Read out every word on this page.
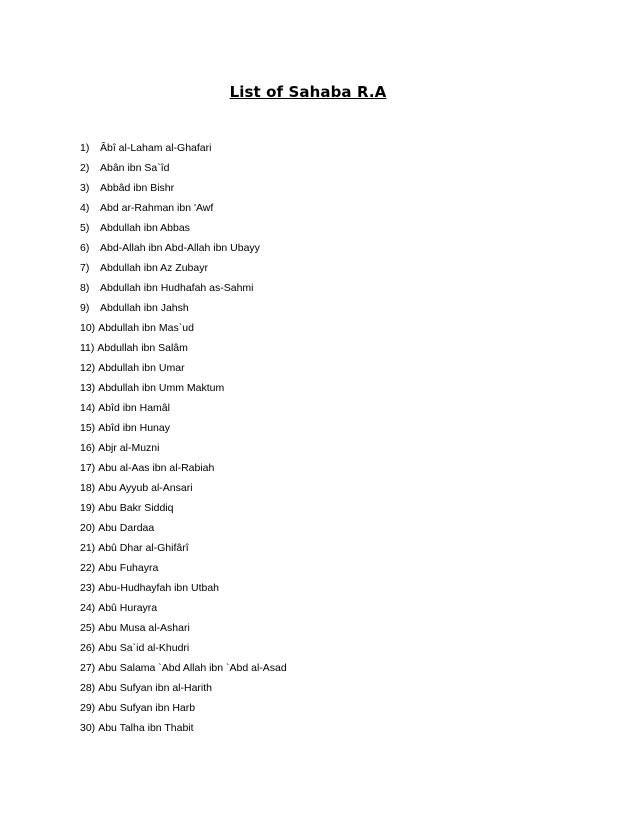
List of Sahaba R.A
1)	Âbî al-Laham al-Ghafari
2)	Abân ibn Sa`îd
3)	Abbâd ibn Bishr
4)	Abd ar-Rahman ibn 'Awf
5)	Abdullah ibn Abbas
6)	Abd-Allah ibn Abd-Allah ibn Ubayy
7)	Abdullah ibn Az Zubayr
8)	Abdullah ibn Hudhafah as-Sahmi
9)	Abdullah ibn Jahsh
10) Abdullah ibn Mas`ud
11) Abdullah ibn Salâm
12) Abdullah ibn Umar
13) Abdullah ibn Umm Maktum
14) Abîd ibn Hamâl
15) Abîd ibn Hunay
16) Abjr al-Muzni
17) Abu al-Aas ibn al-Rabiah
18) Abu Ayyub al-Ansari
19) Abu Bakr Siddiq
20) Abu Dardaa
21) Abû Dhar al-Ghifârî
22) Abu Fuhayra
23) Abu-Hudhayfah ibn Utbah
24) Abû Hurayra
25) Abu Musa al-Ashari
26) Abu Sa`id al-Khudri
27) Abu Salama `Abd Allah ibn `Abd al-Asad
28) Abu Sufyan ibn al-Harith
29) Abu Sufyan ibn Harb
30) Abu Talha ibn Thabit
